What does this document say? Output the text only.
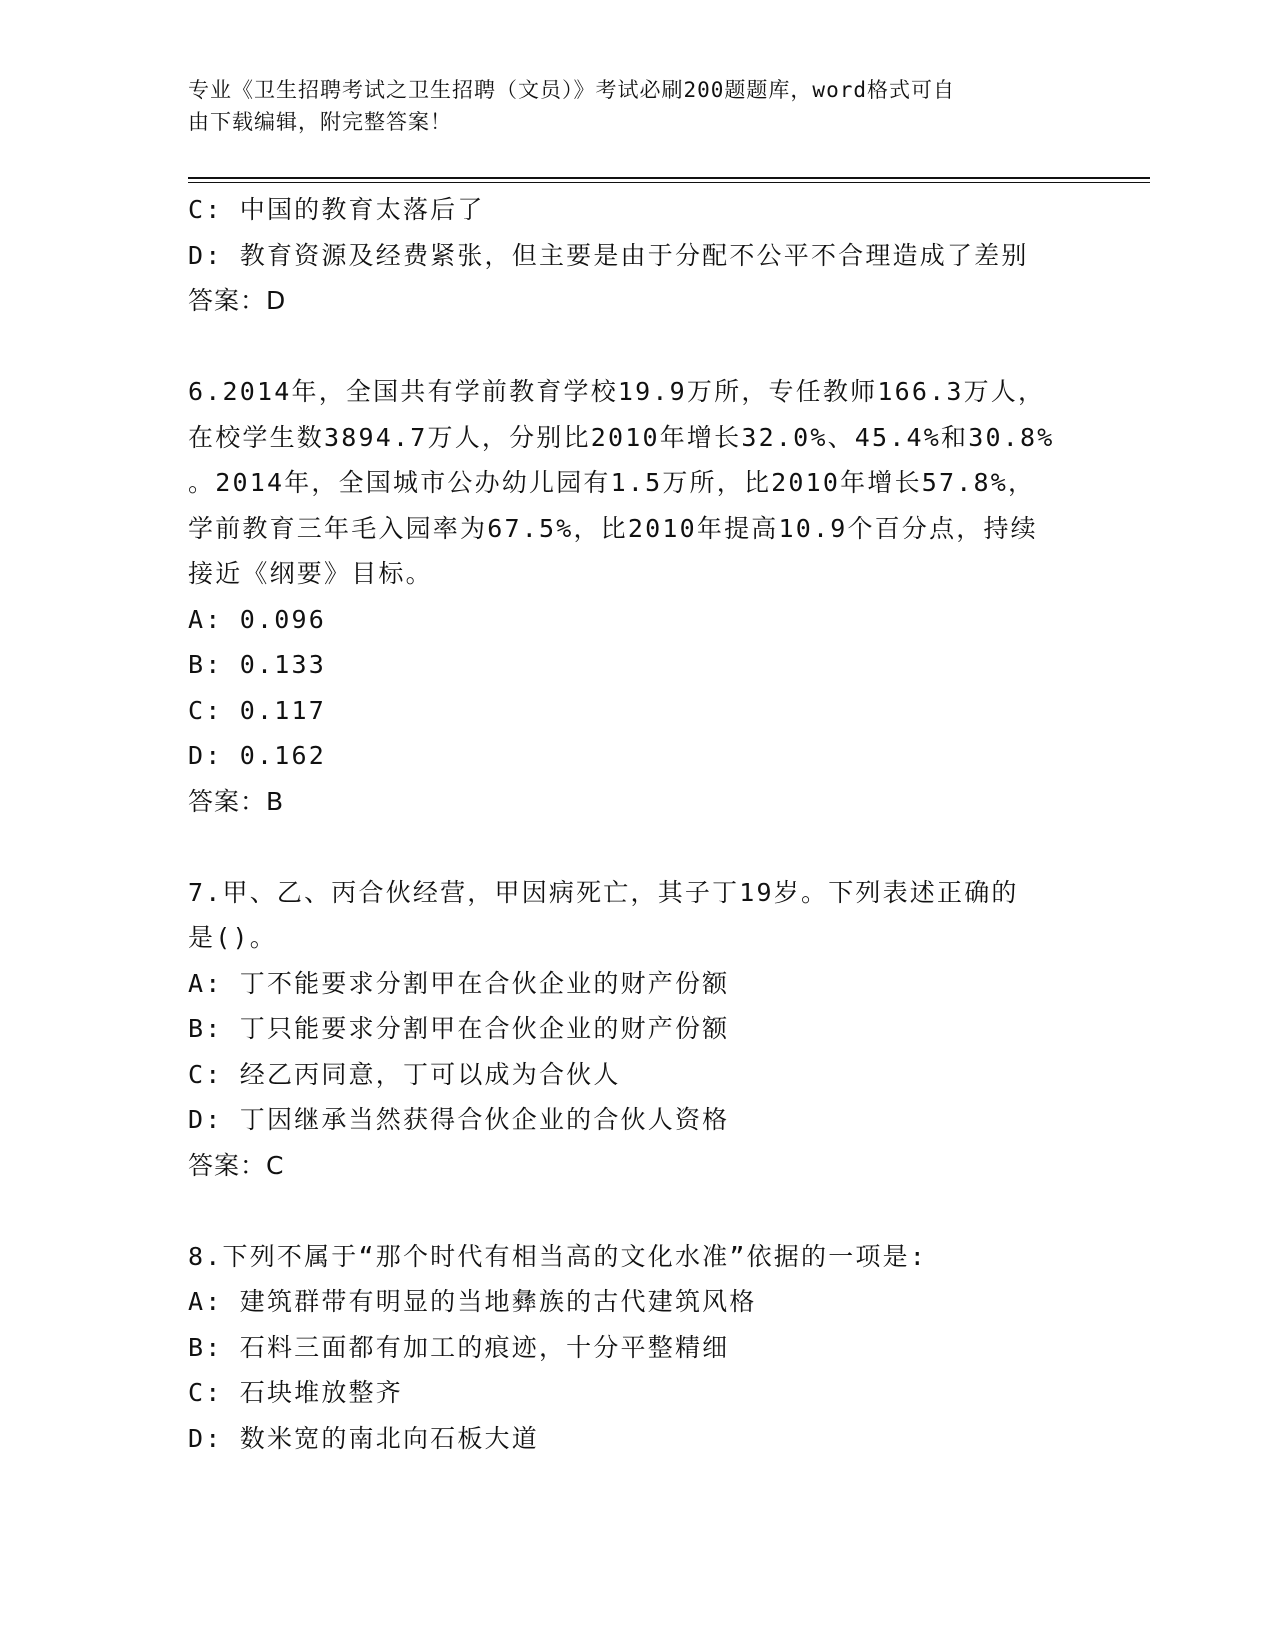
专业《卫生招聘考试之卫生招聘（文员）》考试必刷200题题库，word格式可自
由下载编辑，附完整答案！
C: 中国的教育太落后了
D: 教育资源及经费紧张，但主要是由于分配不公平不合理造成了差别
答案：D
6.2014年，全国共有学前教育学校19.9万所，专任教师166.3万人，
在校学生数3894.7万人，分别比2010年增长32.0%、45.4%和30.8%
。2014年，全国城市公办幼儿园有1.5万所，比2010年增长57.8%，
学前教育三年毛入园率为67.5%，比2010年提高10.9个百分点，持续
接近《纲要》目标。
A: 0.096
B: 0.133
C: 0.117
D: 0.162
答案：B
7.甲、乙、丙合伙经营，甲因病死亡，其子丁19岁。下列表述正确的
是()。
A: 丁不能要求分割甲在合伙企业的财产份额
B: 丁只能要求分割甲在合伙企业的财产份额
C: 经乙丙同意，丁可以成为合伙人
D: 丁因继承当然获得合伙企业的合伙人资格
答案：C
8.下列不属于“那个时代有相当高的文化水准”依据的一项是:
A: 建筑群带有明显的当地彝族的古代建筑风格
B: 石料三面都有加工的痕迹，十分平整精细
C: 石块堆放整齐
D: 数米宽的南北向石板大道
